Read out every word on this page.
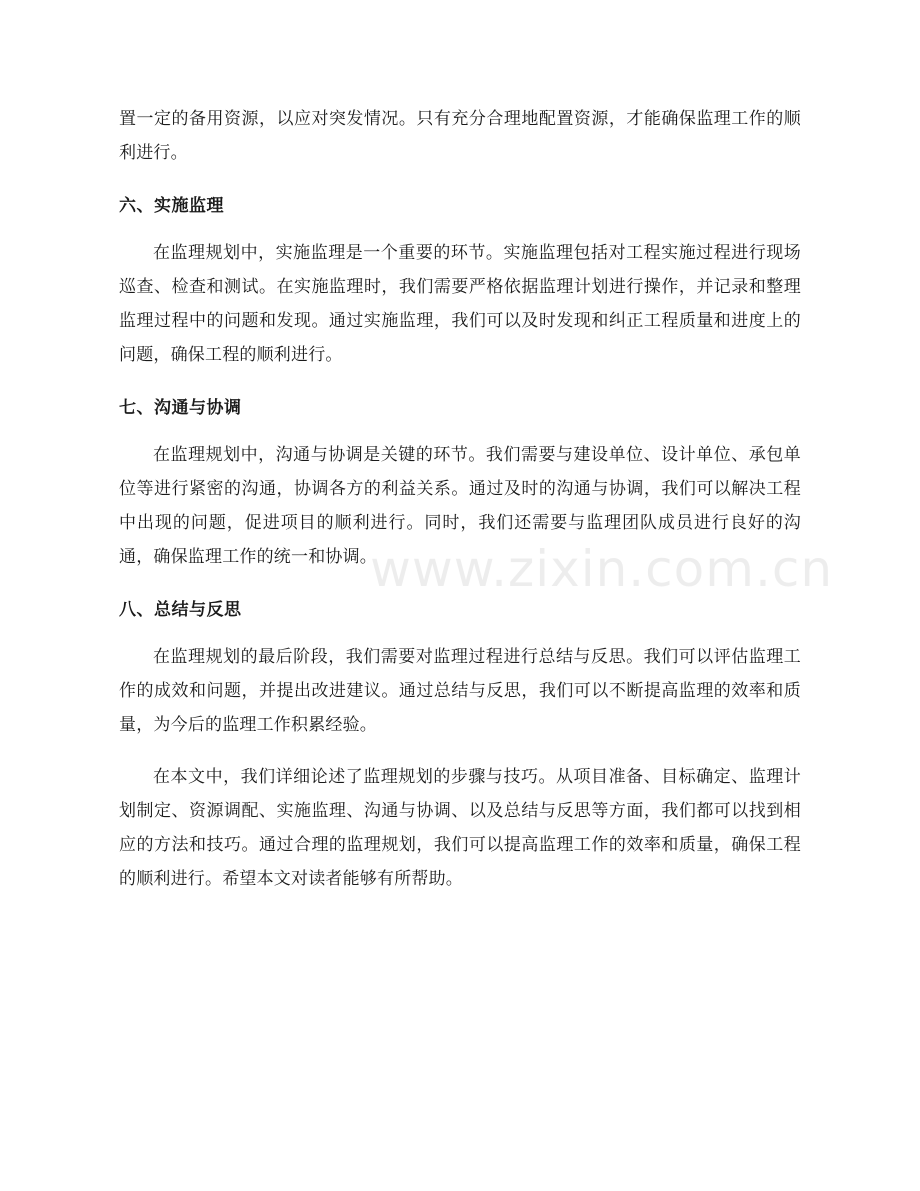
置一定的备用资源，以应对突发情况。只有充分合理地配置资源，才能确保监理工作的顺利进行。

六、实施监理

在监理规划中，实施监理是一个重要的环节。实施监理包括对工程实施过程进行现场巡查、检查和测试。在实施监理时，我们需要严格依据监理计划进行操作，并记录和整理监理过程中的问题和发现。通过实施监理，我们可以及时发现和纠正工程质量和进度上的问题，确保工程的顺利进行。

七、沟通与协调

在监理规划中，沟通与协调是关键的环节。我们需要与建设单位、设计单位、承包单位等进行紧密的沟通，协调各方的利益关系。通过及时的沟通与协调，我们可以解决工程中出现的问题，促进项目的顺利进行。同时，我们还需要与监理团队成员进行良好的沟通，确保监理工作的统一和协调。

八、总结与反思

在监理规划的最后阶段，我们需要对监理过程进行总结与反思。我们可以评估监理工作的成效和问题，并提出改进建议。通过总结与反思，我们可以不断提高监理的效率和质量，为今后的监理工作积累经验。

在本文中，我们详细论述了监理规划的步骤与技巧。从项目准备、目标确定、监理计划制定、资源调配、实施监理、沟通与协调、以及总结与反思等方面，我们都可以找到相应的方法和技巧。通过合理的监理规划，我们可以提高监理工作的效率和质量，确保工程的顺利进行。希望本文对读者能够有所帮助。

www.zixin.com.cn
